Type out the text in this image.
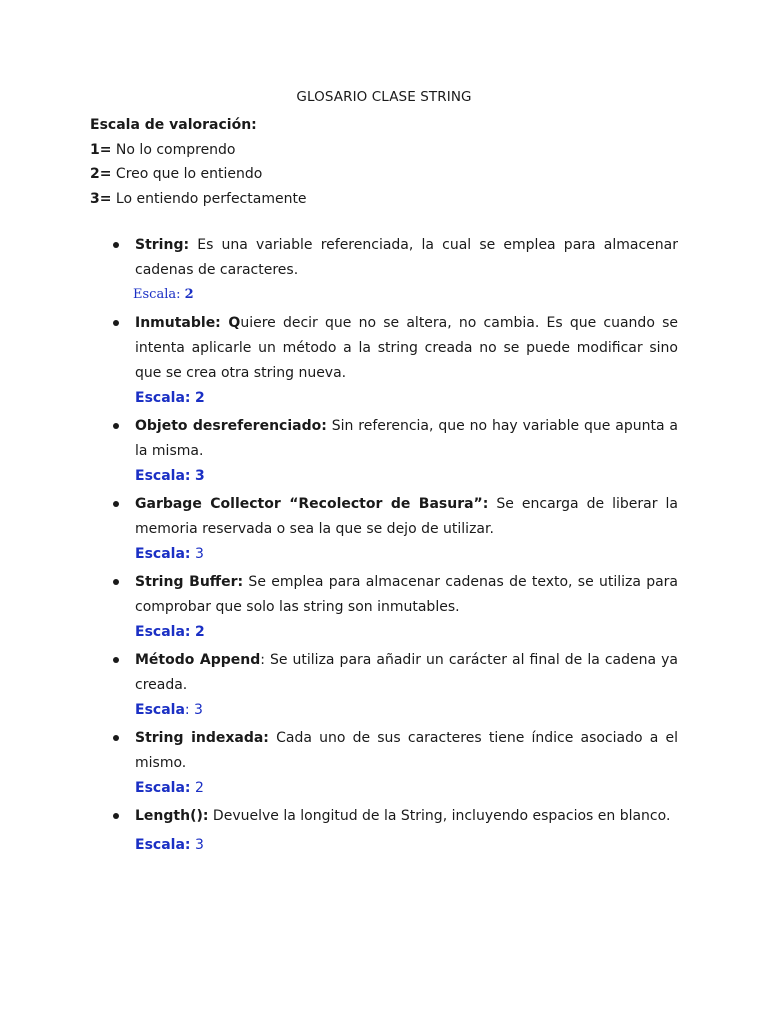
GLOSARIO CLASE STRING
Escala de valoración:
1= No lo comprendo
2= Creo que lo entiendo
3= Lo entiendo perfectamente
String: Es una variable referenciada, la cual se emplea para almacenar cadenas de caracteres.
Escala: 2
Inmutable: Quiere decir que no se altera, no cambia. Es que cuando se intenta aplicarle un método a la string creada no se puede modificar sino que se crea otra string nueva.
Escala: 2
Objeto desreferenciado: Sin referencia, que no hay variable que apunta a la misma.
Escala: 3
Garbage Collector “Recolector de Basura”: Se encarga de liberar la memoria reservada o sea la que se dejo de utilizar.
Escala: 3
String Buffer: Se emplea para almacenar cadenas de texto, se utiliza para comprobar que solo las string son inmutables.
Escala: 2
Método Append: Se utiliza para añadir un carácter al final de la cadena ya creada.
Escala: 3
String indexada: Cada uno de sus caracteres tiene índice asociado a el mismo.
Escala: 2
Length(): Devuelve la longitud de la String, incluyendo espacios en blanco.
Escala: 3
